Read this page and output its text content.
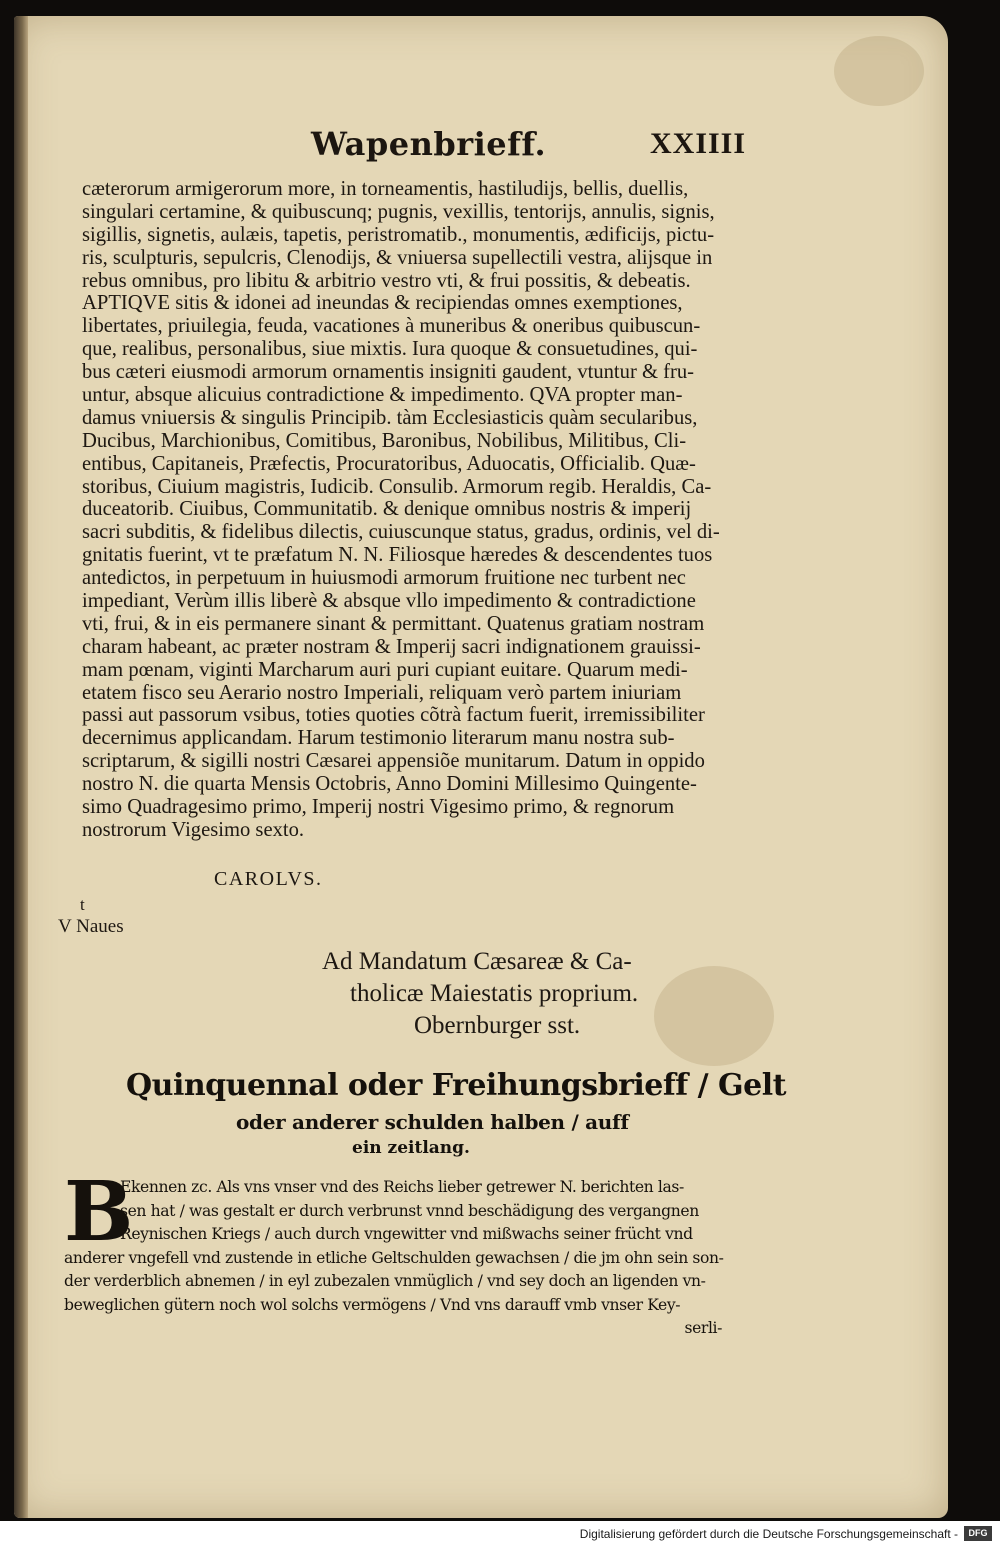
Wapenbrieff.	XXIIII
cæterorum armigerorum more, in torneamentis, hastiludijs, bellis, duellis,
singulari certamine, & quibuscunq; pugnis, vexillis, tentorijs, annulis, signis,
sigillis, signetis, aulæis, tapetis, peristromatib., monumentis, ædificijs, pictu-
ris, sculpturis, sepulcris, Clenodijs, & vniuersa supellectili vestra, alijsque in
rebus omnibus, pro libitu & arbitrio vestro vti, & frui possitis, & debeatis.
APTIQVE sitis & idonei ad ineundas & recipiendas omnes exemptiones,
libertates, priuilegia, feuda, vacationes à muneribus & oneribus quibuscun-
que, realibus, personalibus, siue mixtis. Iura quoque & consuetudines, qui-
bus cæteri eiusmodi armorum ornamentis insigniti gaudent, vtuntur & fru-
untur, absque alicuius contradictione & impedimento. QVA propter man-
damus vniuersis & singulis Principib. tàm Ecclesiasticis quàm secularibus,
Ducibus, Marchionibus, Comitibus, Baronibus, Nobilibus, Militibus, Cli-
entibus, Capitaneis, Præfectis, Procuratoribus, Aduocatis, Officialib. Quæ-
storibus, Ciuium magistris, Iudicib. Consulib. Armorum regib. Heraldis, Ca-
duceatorib. Ciuibus, Communitatib. & denique omnibus nostris & imperij
sacri subditis, & fidelibus dilectis, cuiuscunque status, gradus, ordinis, vel di-
gnitatis fuerint, vt te præfatum N. N. Filiosque hæredes & descendentes tuos
antedictos, in perpetuum in huiusmodi armorum fruitione nec turbent nec
impediant, Verùm illis liberè & absque vllo impedimento & contradictione
vti, frui, & in eis permanere sinant & permittant. Quatenus gratiam nostram
charam habeant, ac præter nostram & Imperij sacri indignationem grauissi-
mam pœnam, viginti Marcharum auri puri cupiant euitare. Quarum medi-
etatem fisco seu Aerario nostro Imperiali, reliquam verò partem iniuriam
passi aut passorum vsibus, toties quoties cõtrà factum fuerit, irremissibiliter
decernimus applicandam. Harum testimonio literarum manu nostra sub-
scriptarum, & sigilli nostri Cæsarei appensiõe munitarum. Datum in oppido
nostro N. die quarta Mensis Octobris, Anno Domini Millesimo Quingente-
simo Quadragesimo primo, Imperij nostri Vigesimo primo, & regnorum
nostrorum Vigesimo sexto.
CAROLVS.
t
V Naues
Ad Mandatum Cæsareæ & Ca-
tholicæ Maiestatis proprium.
Obernburger sst.
Quinquennal oder Freihungsbrieff / Gelt
oder anderer schulden halben / auff
ein zeitlang.
B
Ekennen zc. Als vns vnser vnd des Reichs lieber getrewer N. berichten las-
sen hat / was gestalt er durch verbrunst vnnd beschädigung des vergangnen
Reynischen Kriegs / auch durch vngewitter vnd mißwachs seiner frücht vnd
anderer vngefell vnd zustende in etliche Geltschulden gewachsen / die jm ohn sein son-
der verderblich abnemen / in eyl zubezalen vnmüglich / vnd sey doch an ligenden vn-
beweglichen gütern noch wol solchs vermögens / Vnd vns darauff vmb vnser Key-
serli-
Digitalisierung gefördert durch die Deutsche Forschungsgemeinschaft -	DFG
